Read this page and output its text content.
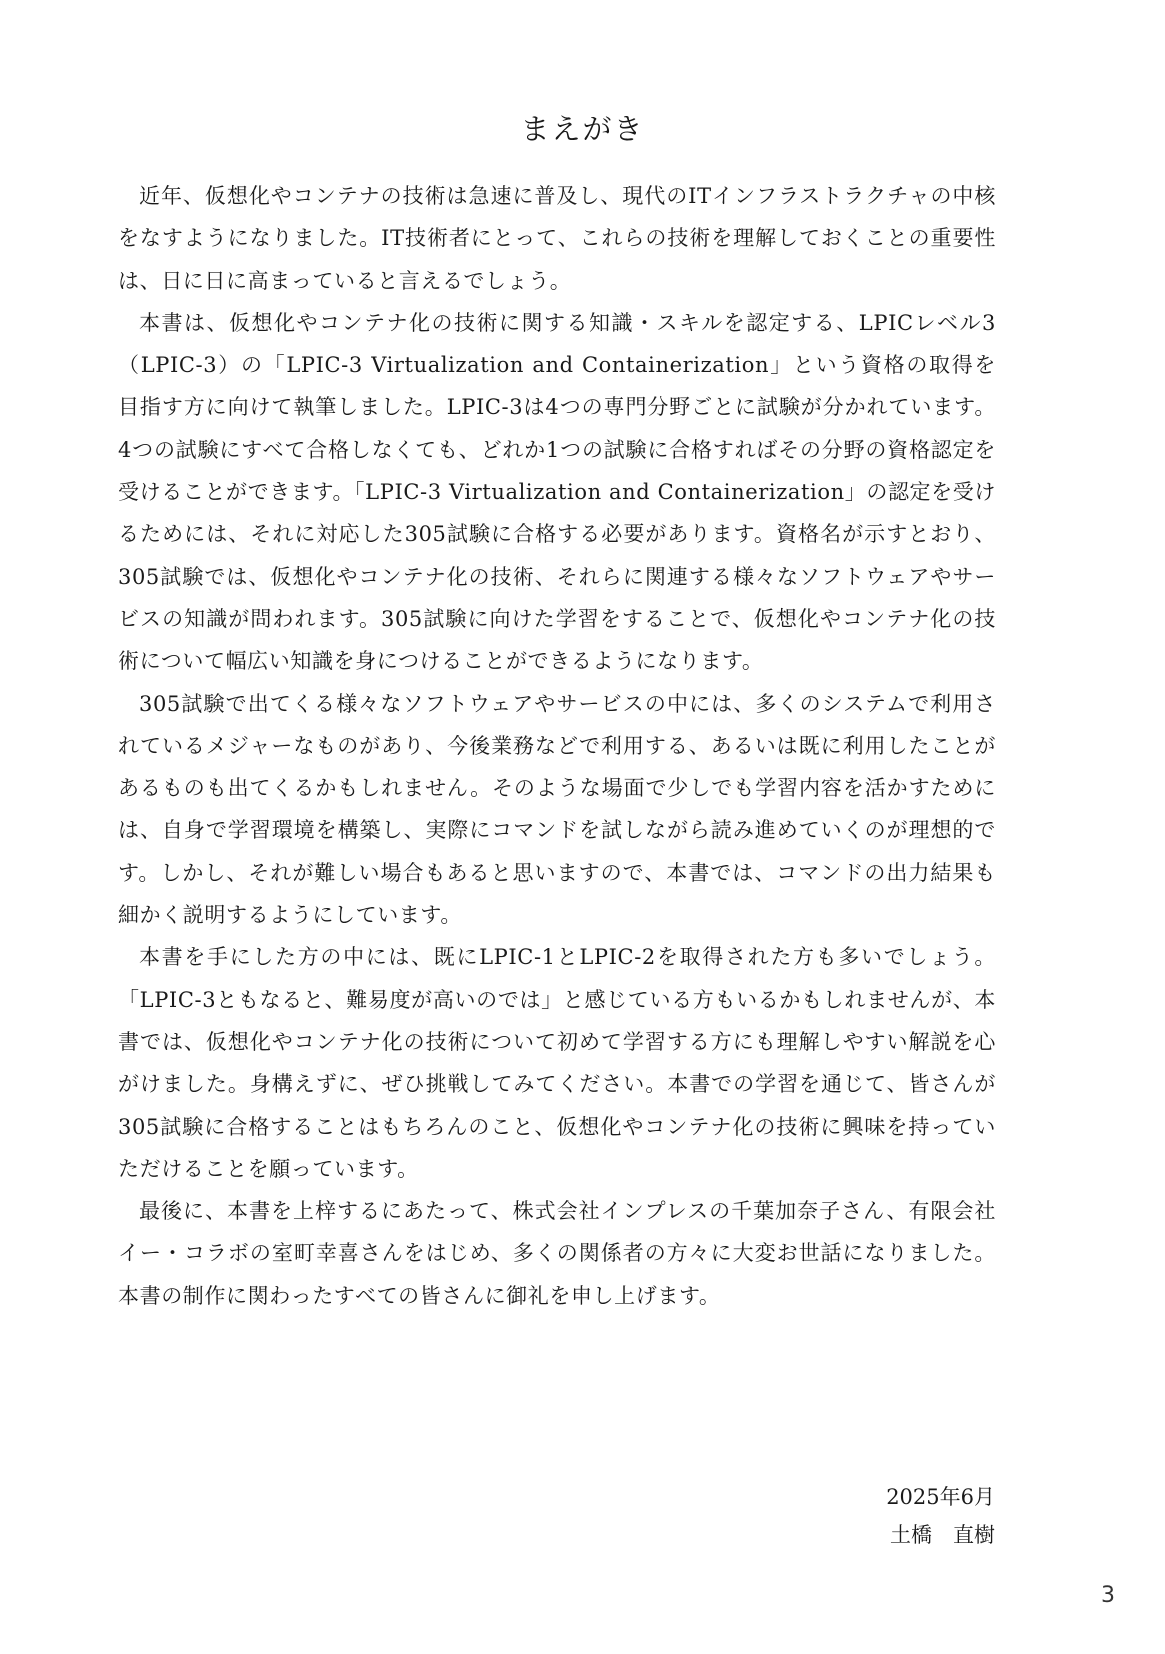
まえがき

近年、仮想化やコンテナの技術は急速に普及し、現代のITインフラストラクチャの中核をなすようになりました。IT技術者にとって、これらの技術を理解しておくことの重要性は、日に日に高まっていると言えるでしょう。

本書は、仮想化やコンテナ化の技術に関する知識・スキルを認定する、LPICレベル3（LPIC-3）の「LPIC-3 Virtualization and Containerization」という資格の取得を目指す方に向けて執筆しました。LPIC-3は4つの専門分野ごとに試験が分かれています。4つの試験にすべて合格しなくても、どれか1つの試験に合格すればその分野の資格認定を受けることができます。「LPIC-3 Virtualization and Containerization」の認定を受けるためには、それに対応した305試験に合格する必要があります。資格名が示すとおり、305試験では、仮想化やコンテナ化の技術、それらに関連する様々なソフトウェアやサービスの知識が問われます。305試験に向けた学習をすることで、仮想化やコンテナ化の技術について幅広い知識を身につけることができるようになります。

305試験で出てくる様々なソフトウェアやサービスの中には、多くのシステムで利用されているメジャーなものがあり、今後業務などで利用する、あるいは既に利用したことがあるものも出てくるかもしれません。そのような場面で少しでも学習内容を活かすためには、自身で学習環境を構築し、実際にコマンドを試しながら読み進めていくのが理想的です。しかし、それが難しい場合もあると思いますので、本書では、コマンドの出力結果も細かく説明するようにしています。

本書を手にした方の中には、既にLPIC-1とLPIC-2を取得された方も多いでしょう。「LPIC-3ともなると、難易度が高いのでは」と感じている方もいるかもしれませんが、本書では、仮想化やコンテナ化の技術について初めて学習する方にも理解しやすい解説を心がけました。身構えずに、ぜひ挑戦してみてください。本書での学習を通じて、皆さんが305試験に合格することはもちろんのこと、仮想化やコンテナ化の技術に興味を持っていただけることを願っています。

最後に、本書を上梓するにあたって、株式会社インプレスの千葉加奈子さん、有限会社イー・コラボの室町幸喜さんをはじめ、多くの関係者の方々に大変お世話になりました。本書の制作に関わったすべての皆さんに御礼を申し上げます。

2025年6月
土橋　直樹
3
